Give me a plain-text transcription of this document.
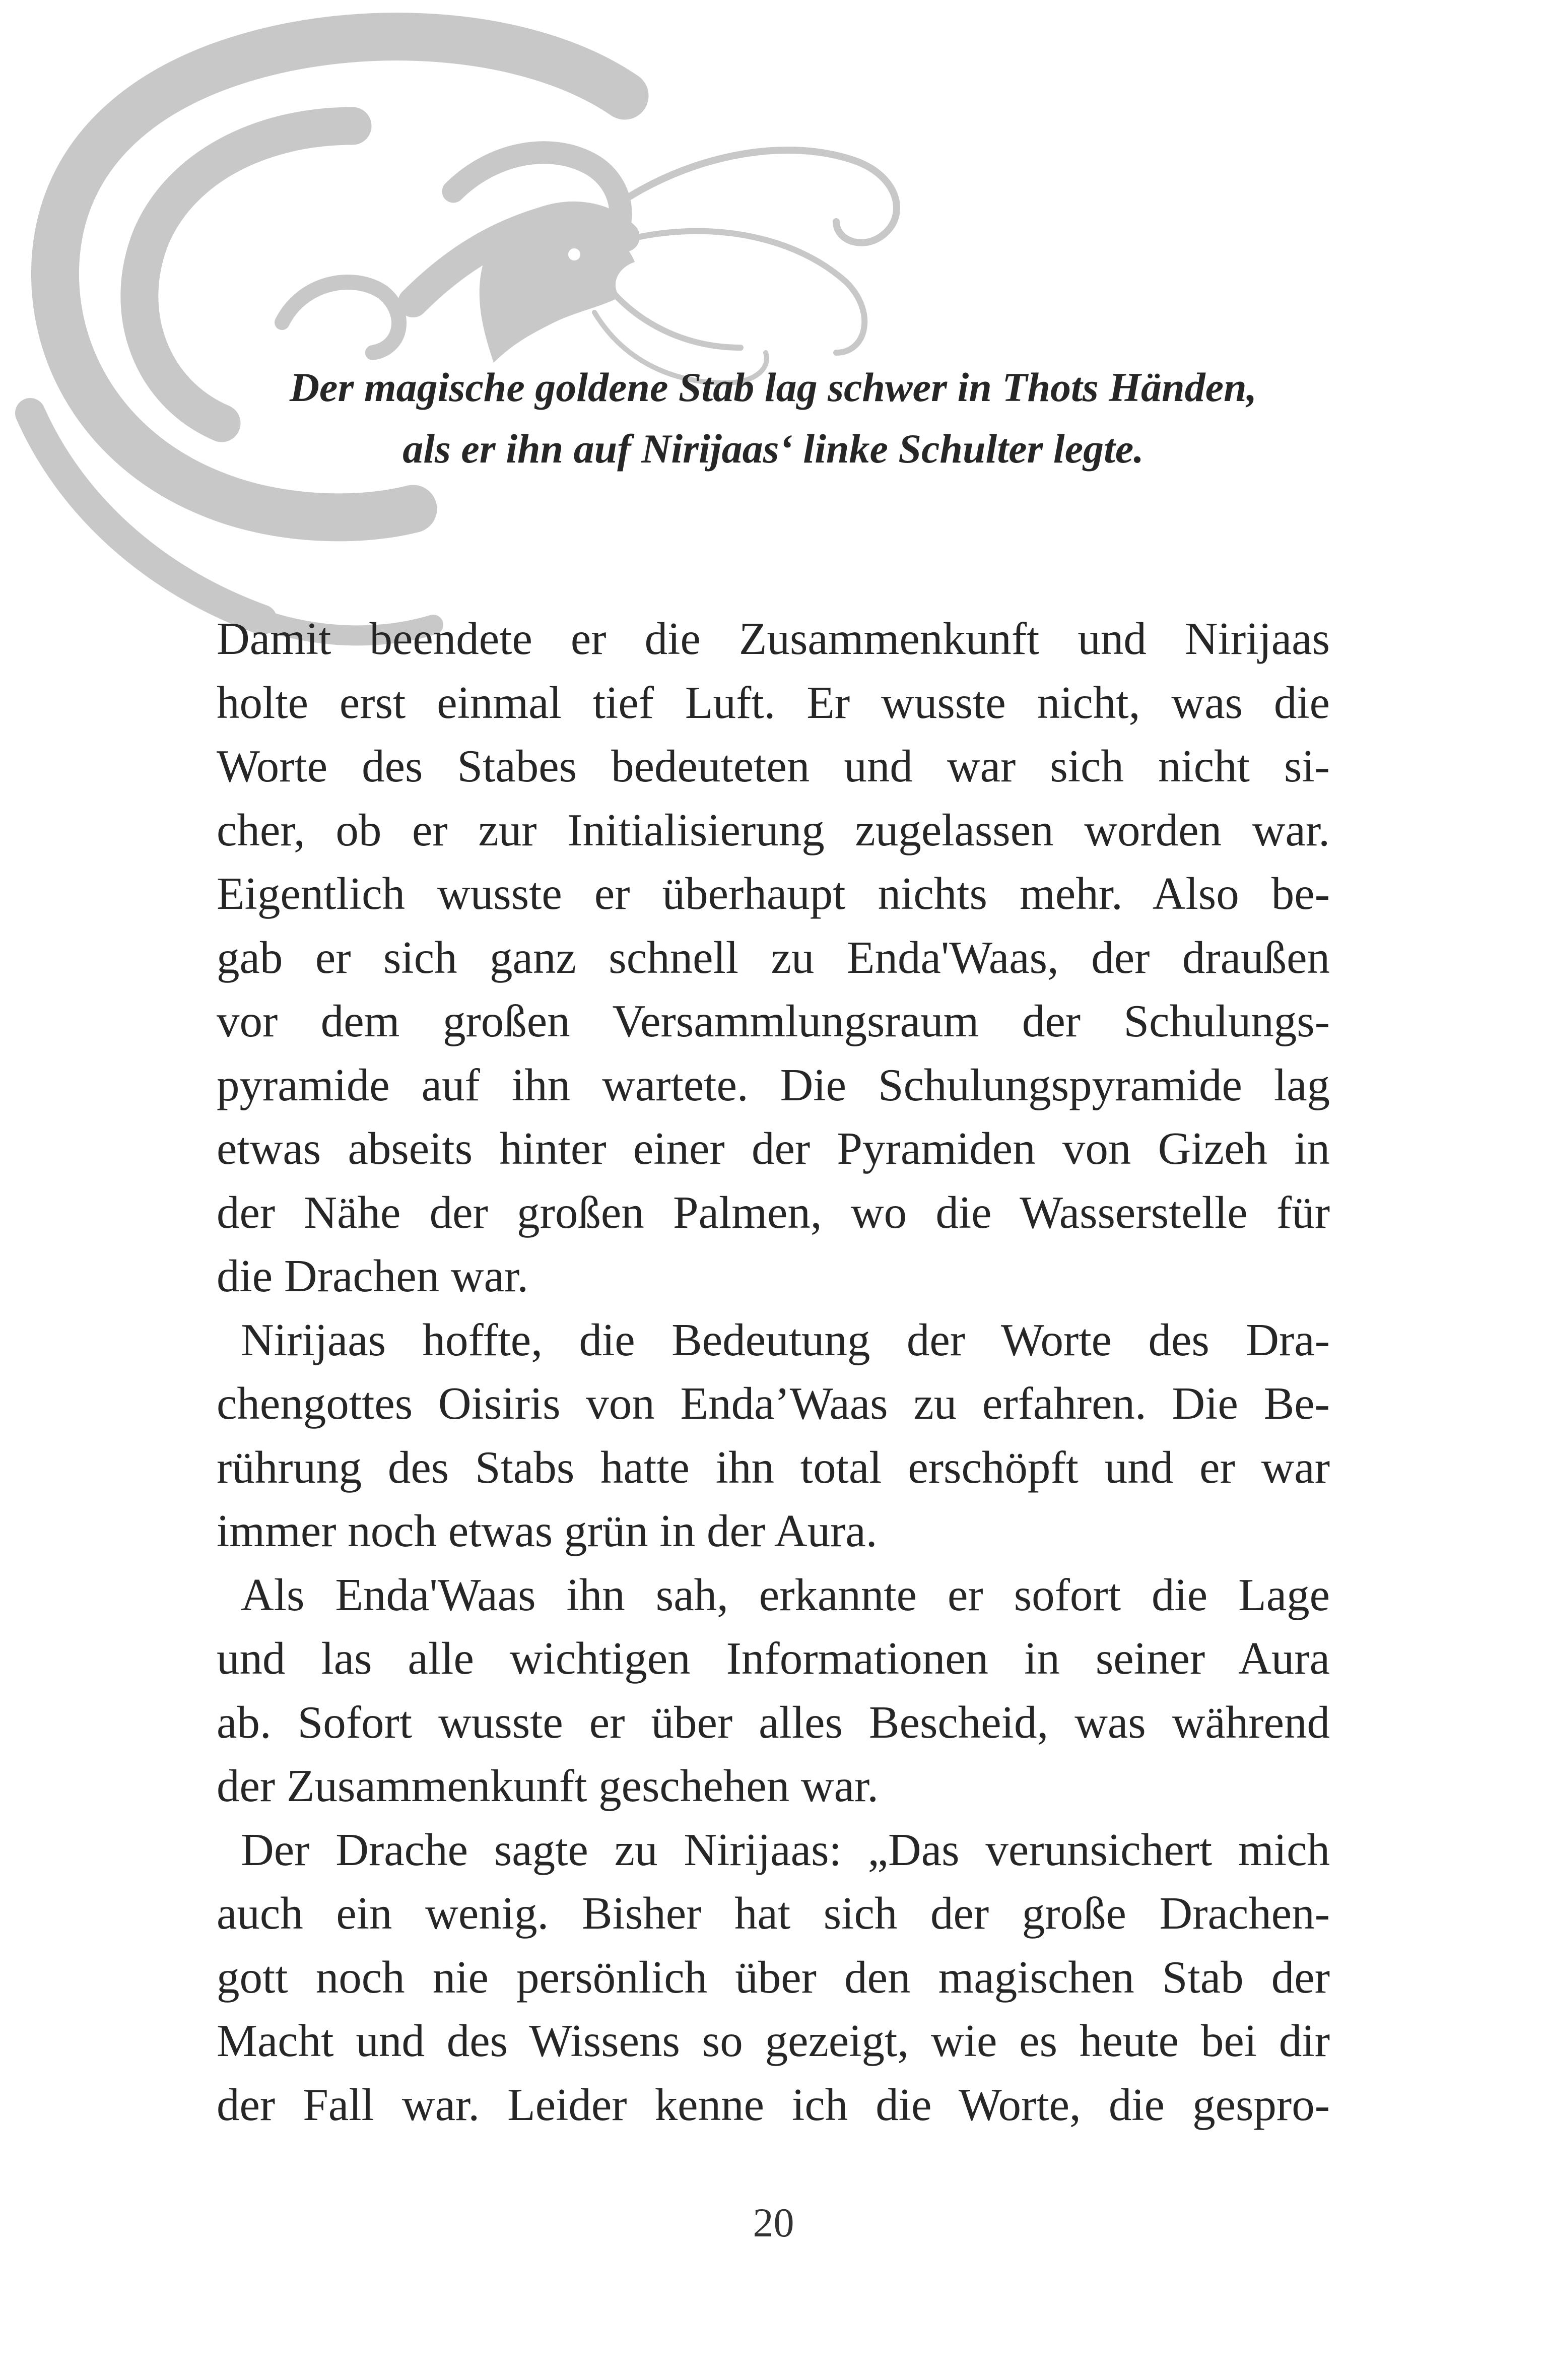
Der magische goldene Stab lag schwer in Thots Händen,
als er ihn auf Nirijaas‘ linke Schulter legte.

Damit beendete er die Zusammenkunft und Nirijaas
holte erst einmal tief Luft. Er wusste nicht, was die
Worte des Stabes bedeuteten und war sich nicht si-
cher, ob er zur Initialisierung zugelassen worden war.
Eigentlich wusste er überhaupt nichts mehr. Also be-
gab er sich ganz schnell zu Enda'Waas, der draußen
vor dem großen Versammlungsraum der Schulungs-
pyramide auf ihn wartete. Die Schulungspyramide lag
etwas abseits hinter einer der Pyramiden von Gizeh in
der Nähe der großen Palmen, wo die Wasserstelle für
die Drachen war.
Nirijaas hoffte, die Bedeutung der Worte des Dra-
chengottes Oisiris von Enda’Waas zu erfahren. Die Be-
rührung des Stabs hatte ihn total erschöpft und er war
immer noch etwas grün in der Aura.
Als Enda'Waas ihn sah, erkannte er sofort die Lage
und las alle wichtigen Informationen in seiner Aura
ab. Sofort wusste er über alles Bescheid, was während
der Zusammenkunft geschehen war.
Der Drache sagte zu Nirijaas: „Das verunsichert mich
auch ein wenig. Bisher hat sich der große Drachen-
gott noch nie persönlich über den magischen Stab der
Macht und des Wissens so gezeigt, wie es heute bei dir
der Fall war. Leider kenne ich die Worte, die gespro-
20
